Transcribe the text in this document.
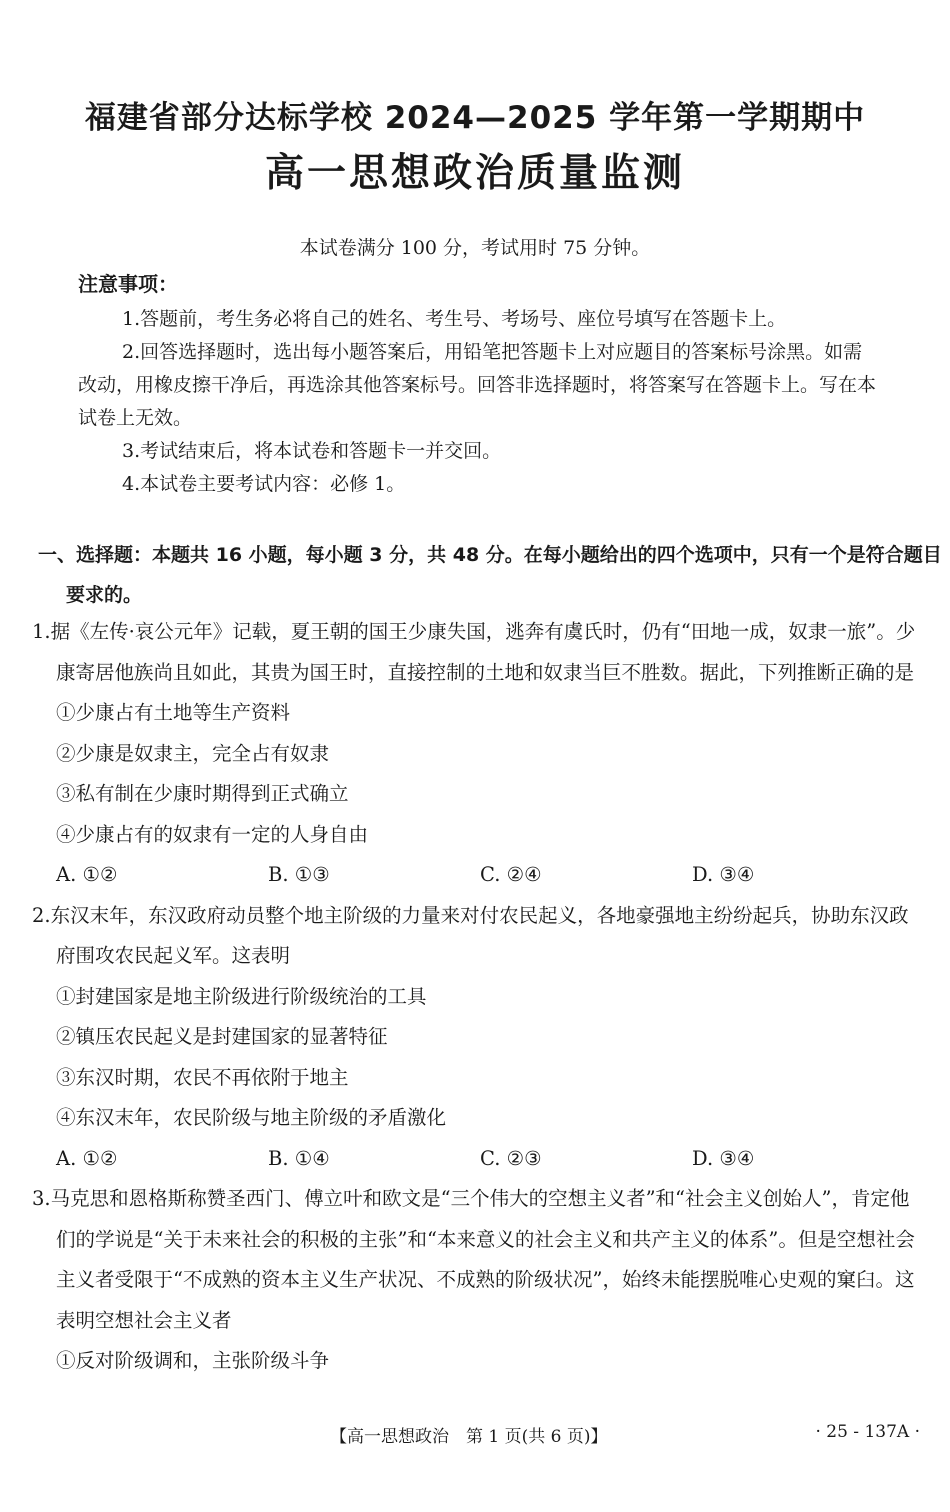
福建省部分达标学校 2024—2025 学年第一学期期中
高一思想政治质量监测
本试卷满分 100 分，考试用时 75 分钟。
注意事项：

1.答题前，考生务必将自己的姓名、考生号、考场号、座位号填写在答题卡上。

2.回答选择题时，选出每小题答案后，用铅笔把答题卡上对应题目的答案标号涂黑。如需改动，用橡皮擦干净后，再选涂其他答案标号。回答非选择题时，将答案写在答题卡上。写在本试卷上无效。

3.考试结束后，将本试卷和答题卡一并交回。

4.本试卷主要考试内容：必修 1。

一、选择题：本题共 16 小题，每小题 3 分，共 48 分。在每小题给出的四个选项中，只有一个是符合题目要求的。
1.据《左传·哀公元年》记载，夏王朝的国王少康失国，逃奔有虞氏时，仍有“田地一成，奴隶一旅”。少康寄居他族尚且如此，其贵为国王时，直接控制的土地和奴隶当巨不胜数。据此，下列推断正确的是
①少康占有土地等生产资料
②少康是奴隶主，完全占有奴隶
③私有制在少康时期得到正式确立
④少康占有的奴隶有一定的人身自由
A. ①②	B. ①③	C. ②④	D. ③④
2.东汉末年，东汉政府动员整个地主阶级的力量来对付农民起义，各地豪强地主纷纷起兵，协助东汉政府围攻农民起义军。这表明
①封建国家是地主阶级进行阶级统治的工具
②镇压农民起义是封建国家的显著特征
③东汉时期，农民不再依附于地主
④东汉末年，农民阶级与地主阶级的矛盾激化
A. ①②	B. ①④	C. ②③	D. ③④
3.马克思和恩格斯称赞圣西门、傅立叶和欧文是“三个伟大的空想主义者”和“社会主义创始人”，肯定他们的学说是“关于未来社会的积极的主张”和“本来意义的社会主义和共产主义的体系”。但是空想社会主义者受限于“不成熟的资本主义生产状况、不成熟的阶级状况”，始终未能摆脱唯心史观的窠臼。这表明空想社会主义者
①反对阶级调和，主张阶级斗争
【高一思想政治　第 1 页(共 6 页)】	· 25 - 137A ·
